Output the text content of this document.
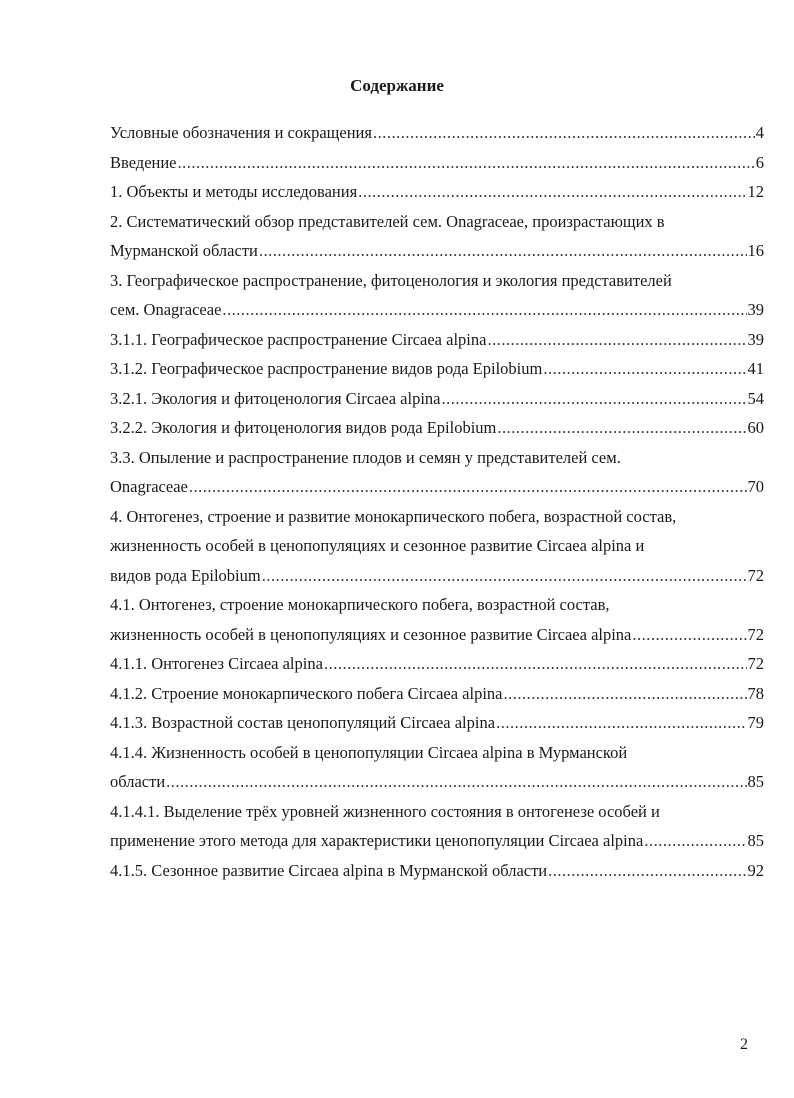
Содержание
Условные обозначения и сокращения .....	4
Введение .....	6
1. Объекты и методы исследования .....	12
2. Систематический обзор представителей сем. Onagraceae, произрастающих в
Мурманской области .....	16
3. Географическое распространение, фитоценология и экология представителей
сем. Onagraceae .....	39
3.1.1. Географическое распространение Circaea alpina .....	39
3.1.2. Географическое распространение видов рода Epilobium .....	41
3.2.1. Экология и фитоценология Circaea alpina .....	54
3.2.2. Экология и фитоценология видов рода Epilobium .....	60
3.3. Опыление и распространение плодов и семян у представителей сем.
Onagraceae .....	70
4. Онтогенез, строение и развитие монокарпического побега, возрастной состав,
жизненность особей в ценопопуляциях и сезонное развитие Circaea alpina и
видов рода Epilobium .....	72
4.1. Онтогенез, строение монокарпического побега, возрастной состав,
жизненность особей в ценопопуляциях и сезонное развитие Circaea alpina .....	72
4.1.1. Онтогенез Circaea alpina .....	72
4.1.2. Строение монокарпического побега Circaea alpina .....	78
4.1.3. Возрастной состав ценопопуляций Circaea alpina .....	79
4.1.4. Жизненность особей в ценопопуляции Circaea alpina в Мурманской
области .....	85
4.1.4.1. Выделение трёх уровней жизненного состояния в онтогенезе особей и
применение этого метода для характеристики ценопопуляции Circaea alpina .....	85
4.1.5. Сезонное развитие Circaea alpina в Мурманской области .....	92
2
